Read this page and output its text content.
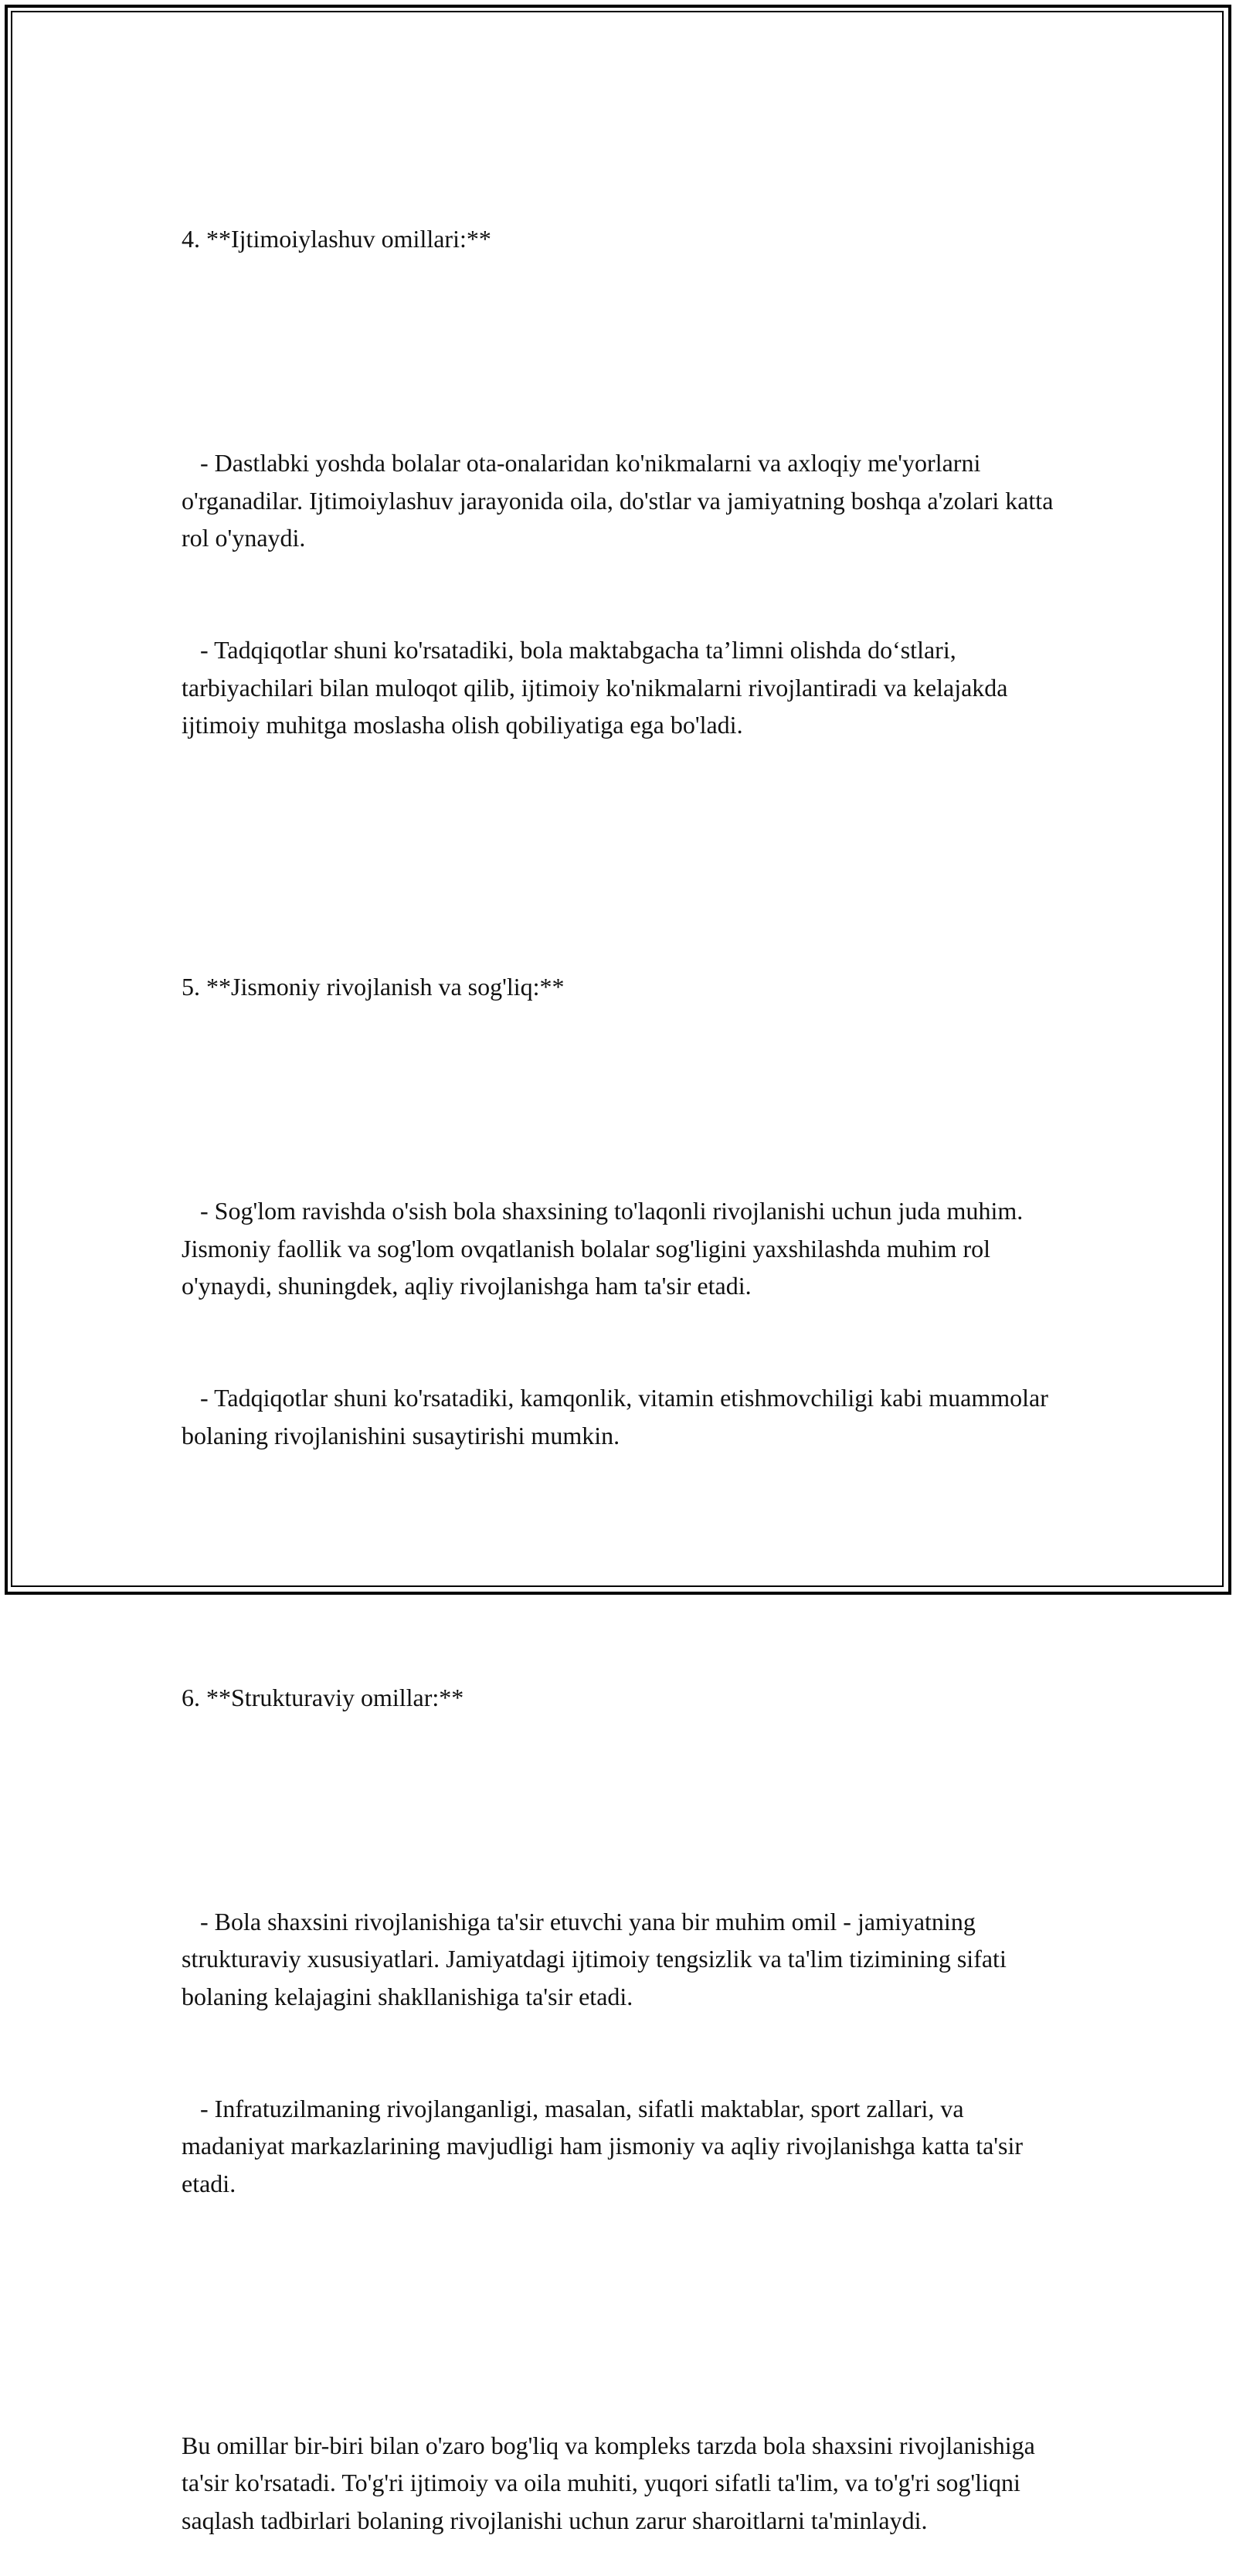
4. **Ijtimoiylashuv omillari:**

- Dastlabki yoshda bolalar ota-onalaridan ko'nikmalarni va axloqiy me'yorlarni o'rganadilar. Ijtimoiylashuv jarayonida oila, do'stlar va jamiyatning boshqa a'zolari katta rol o'ynaydi.

- Tadqiqotlar shuni ko'rsatadiki, bola maktabgacha ta’limni olishda do‘stlari, tarbiyachilari bilan muloqot qilib, ijtimoiy ko'nikmalarni rivojlantiradi va kelajakda ijtimoiy muhitga moslasha olish qobiliyatiga ega bo'ladi.

5. **Jismoniy rivojlanish va sog'liq:**

- Sog'lom ravishda o'sish bola shaxsining to'laqonli rivojlanishi uchun juda muhim. Jismoniy faollik va sog'lom ovqatlanish bolalar sog'ligini yaxshilashda muhim rol o'ynaydi, shuningdek, aqliy rivojlanishga ham ta'sir etadi.

- Tadqiqotlar shuni ko'rsatadiki, kamqonlik, vitamin etishmovchiligi kabi muammolar bolaning rivojlanishini susaytirishi mumkin.

6. **Strukturaviy omillar:**

- Bola shaxsini rivojlanishiga ta'sir etuvchi yana bir muhim omil - jamiyatning strukturaviy xususiyatlari. Jamiyatdagi ijtimoiy tengsizlik va ta'lim tizimining sifati bolaning kelajagini shakllanishiga ta'sir etadi.

- Infratuzilmaning rivojlanganligi, masalan, sifatli maktablar, sport zallari, va madaniyat markazlarining mavjudligi ham jismoniy va aqliy rivojlanishga katta ta'sir etadi.

Bu omillar bir-biri bilan o'zaro bog'liq va kompleks tarzda bola shaxsini rivojlanishiga ta'sir ko'rsatadi. To'g'ri ijtimoiy va oila muhiti, yuqori sifatli ta'lim, va to'g'ri sog'liqni saqlash tadbirlari bolaning rivojlanishi uchun zarur sharoitlarni ta'minlaydi.
